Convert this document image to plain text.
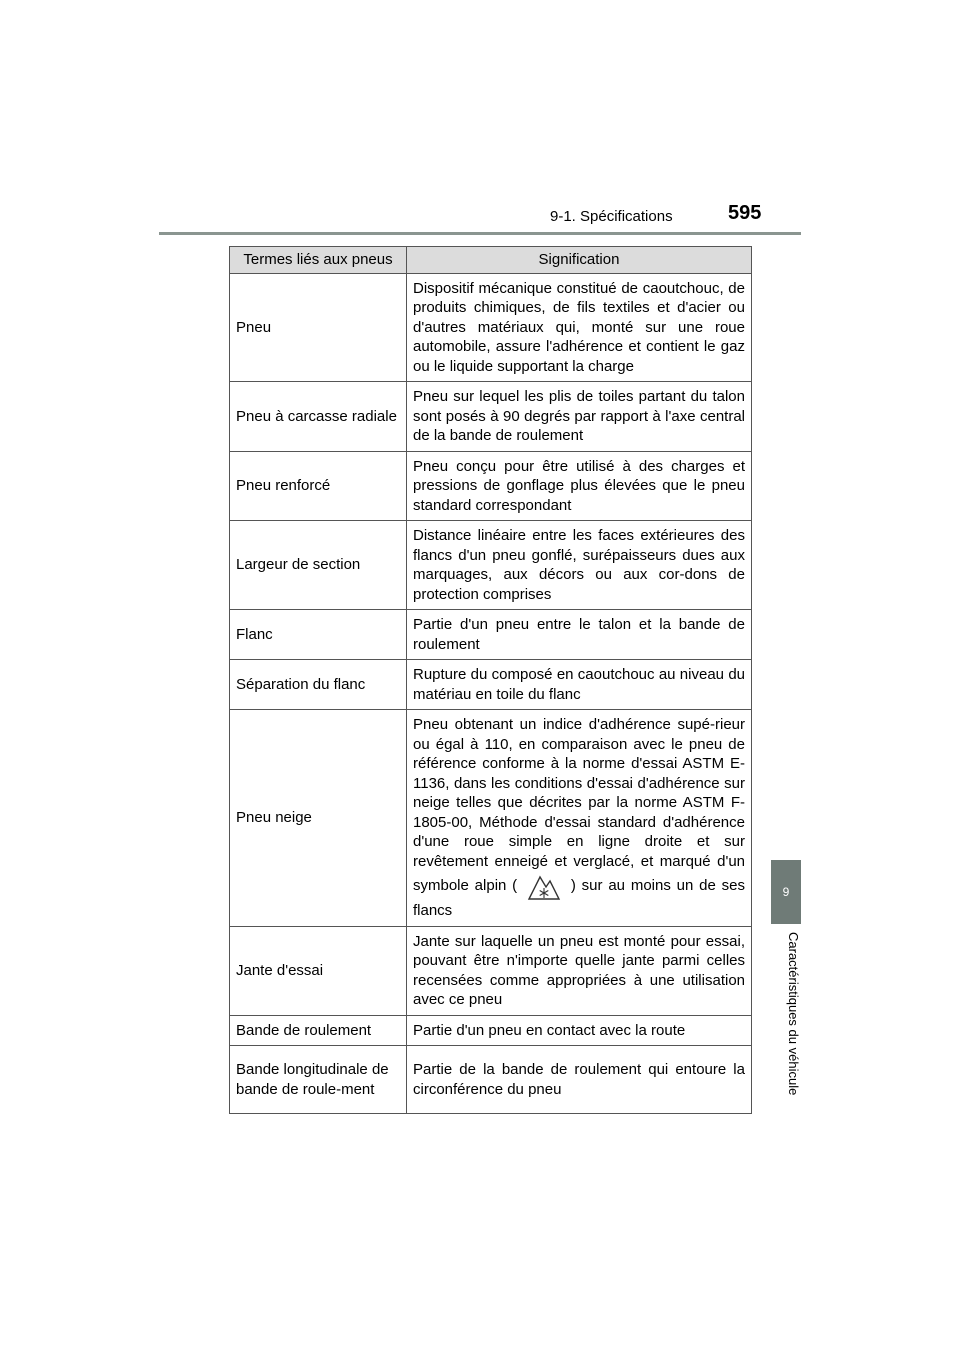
9-1. Spécifications	595
9
Caractéristiques du véhicule
Termes liés aux pneus	Signification
Pneu	Dispositif mécanique constitué de caoutchouc, de produits chimiques, de fils textiles et d'acier ou d'autres matériaux qui, monté sur une roue automobile, assure l'adhérence et contient le gaz ou le liquide supportant la charge
Pneu à carcasse radiale	Pneu sur lequel les plis de toiles partant du talon sont posés à 90 degrés par rapport à l'axe central de la bande de roulement
Pneu renforcé	Pneu conçu pour être utilisé à des charges et pressions de gonflage plus élevées que le pneu standard correspondant
Largeur de section	Distance linéaire entre les faces extérieures des flancs d'un pneu gonflé, surépaisseurs dues aux marquages, aux décors ou aux cor-dons de protection comprises
Flanc	Partie d'un pneu entre le talon et la bande de roulement
Séparation du flanc	Rupture du composé en caoutchouc au niveau du matériau en toile du flanc
Pneu neige	Pneu obtenant un indice d'adhérence supé-rieur ou égal à 110, en comparaison avec le pneu de référence conforme à la norme d'essai ASTM E-1136, dans les conditions d'essai d'adhérence sur neige telles que décrites par la norme ASTM F-1805-00, Méthode d'essai standard d'adhérence d'une roue simple en ligne droite et sur revêtement enneigé et verglacé, et marqué d'un symbole alpin ( ) sur au moins un de ses flancs
Jante d'essai	Jante sur laquelle un pneu est monté pour essai, pouvant être n'importe quelle jante parmi celles recensées comme appropriées à une utilisation avec ce pneu
Bande de roulement	Partie d'un pneu en contact avec la route
Bande longitudinale de bande de roule-ment	Partie de la bande de roulement qui entoure la circonférence du pneu
